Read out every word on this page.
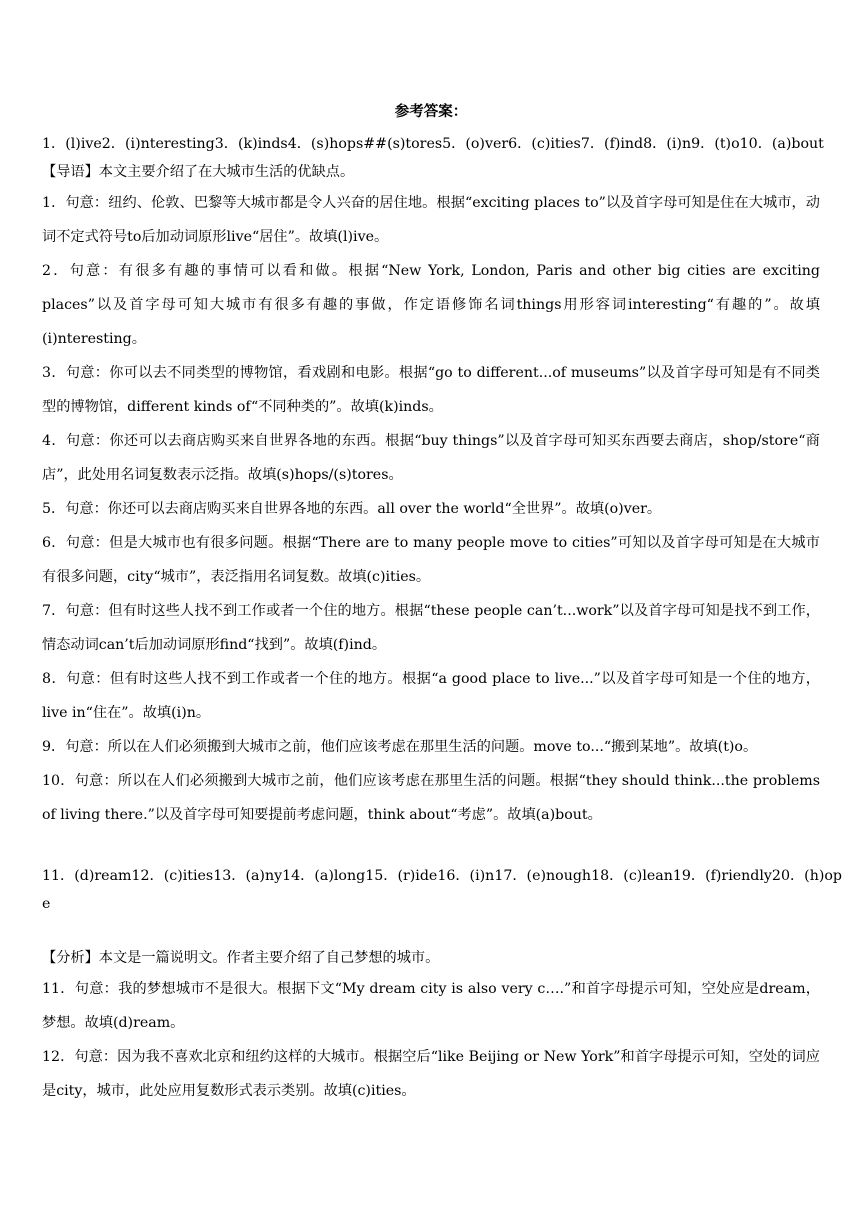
参考答案：
1．(l)ive 2．(i)nteresting 3．(k)inds 4．(s)hops##(s)tores 5．(o)ver 6．(c)ities 7．(f)ind 8．(i)n 9．(t)o 10．(a)bout
【导语】本文主要介绍了在大城市生活的优缺点。

1．句意：纽约、伦敦、巴黎等大城市都是令人兴奋的居住地。根据“exciting places to”以及首字母可知是住在大城市，动词不定式符号to后加动词原形live“居住”。故填(l)ive。

2．句意：有很多有趣的事情可以看和做。根据“New York, London, Paris and other big cities are exciting places”以及首字母可知大城市有很多有趣的事做，作定语修饰名词things用形容词interesting“有趣的”。故填(i)nteresting。

3．句意：你可以去不同类型的博物馆，看戏剧和电影。根据“go to different...of museums”以及首字母可知是有不同类型的博物馆，different kinds of“不同种类的”。故填(k)inds。

4．句意：你还可以去商店购买来自世界各地的东西。根据“buy things”以及首字母可知买东西要去商店，shop/store“商店”，此处用名词复数表示泛指。故填(s)hops/(s)tores。

5．句意：你还可以去商店购买来自世界各地的东西。all over the world“全世界”。故填(o)ver。

6．句意：但是大城市也有很多问题。根据“There are to many people move to cities”可知以及首字母可知是在大城市有很多问题，city“城市”，表泛指用名词复数。故填(c)ities。

7．句意：但有时这些人找不到工作或者一个住的地方。根据“these people can’t...work”以及首字母可知是找不到工作，情态动词can’t后加动词原形find“找到”。故填(f)ind。

8．句意：但有时这些人找不到工作或者一个住的地方。根据“a good place to live...”以及首字母可知是一个住的地方，live in“住在”。故填(i)n。

9．句意：所以在人们必须搬到大城市之前，他们应该考虑在那里生活的问题。move to...“搬到某地”。故填(t)o。

10．句意：所以在人们必须搬到大城市之前，他们应该考虑在那里生活的问题。根据“they should think...the problems of living there.”以及首字母可知要提前考虑问题，think about“考虑”。故填(a)bout。

11．(d)ream 12．(c)ities 13．(a)ny 14．(a)long 15．(r)ide 16．(i)n 17．(e)nough 18．(c)lean 19．(f)riendly 20．(h)op
e
【分析】本文是一篇说明文。作者主要介绍了自己梦想的城市。

11．句意：我的梦想城市不是很大。根据下文“My dream city is also very c….”和首字母提示可知，空处应是dream，梦想。故填(d)ream。

12．句意：因为我不喜欢北京和纽约这样的大城市。根据空后“like Beijing or New York”和首字母提示可知，空处的词应是city，城市，此处应用复数形式表示类别。故填(c)ities。
